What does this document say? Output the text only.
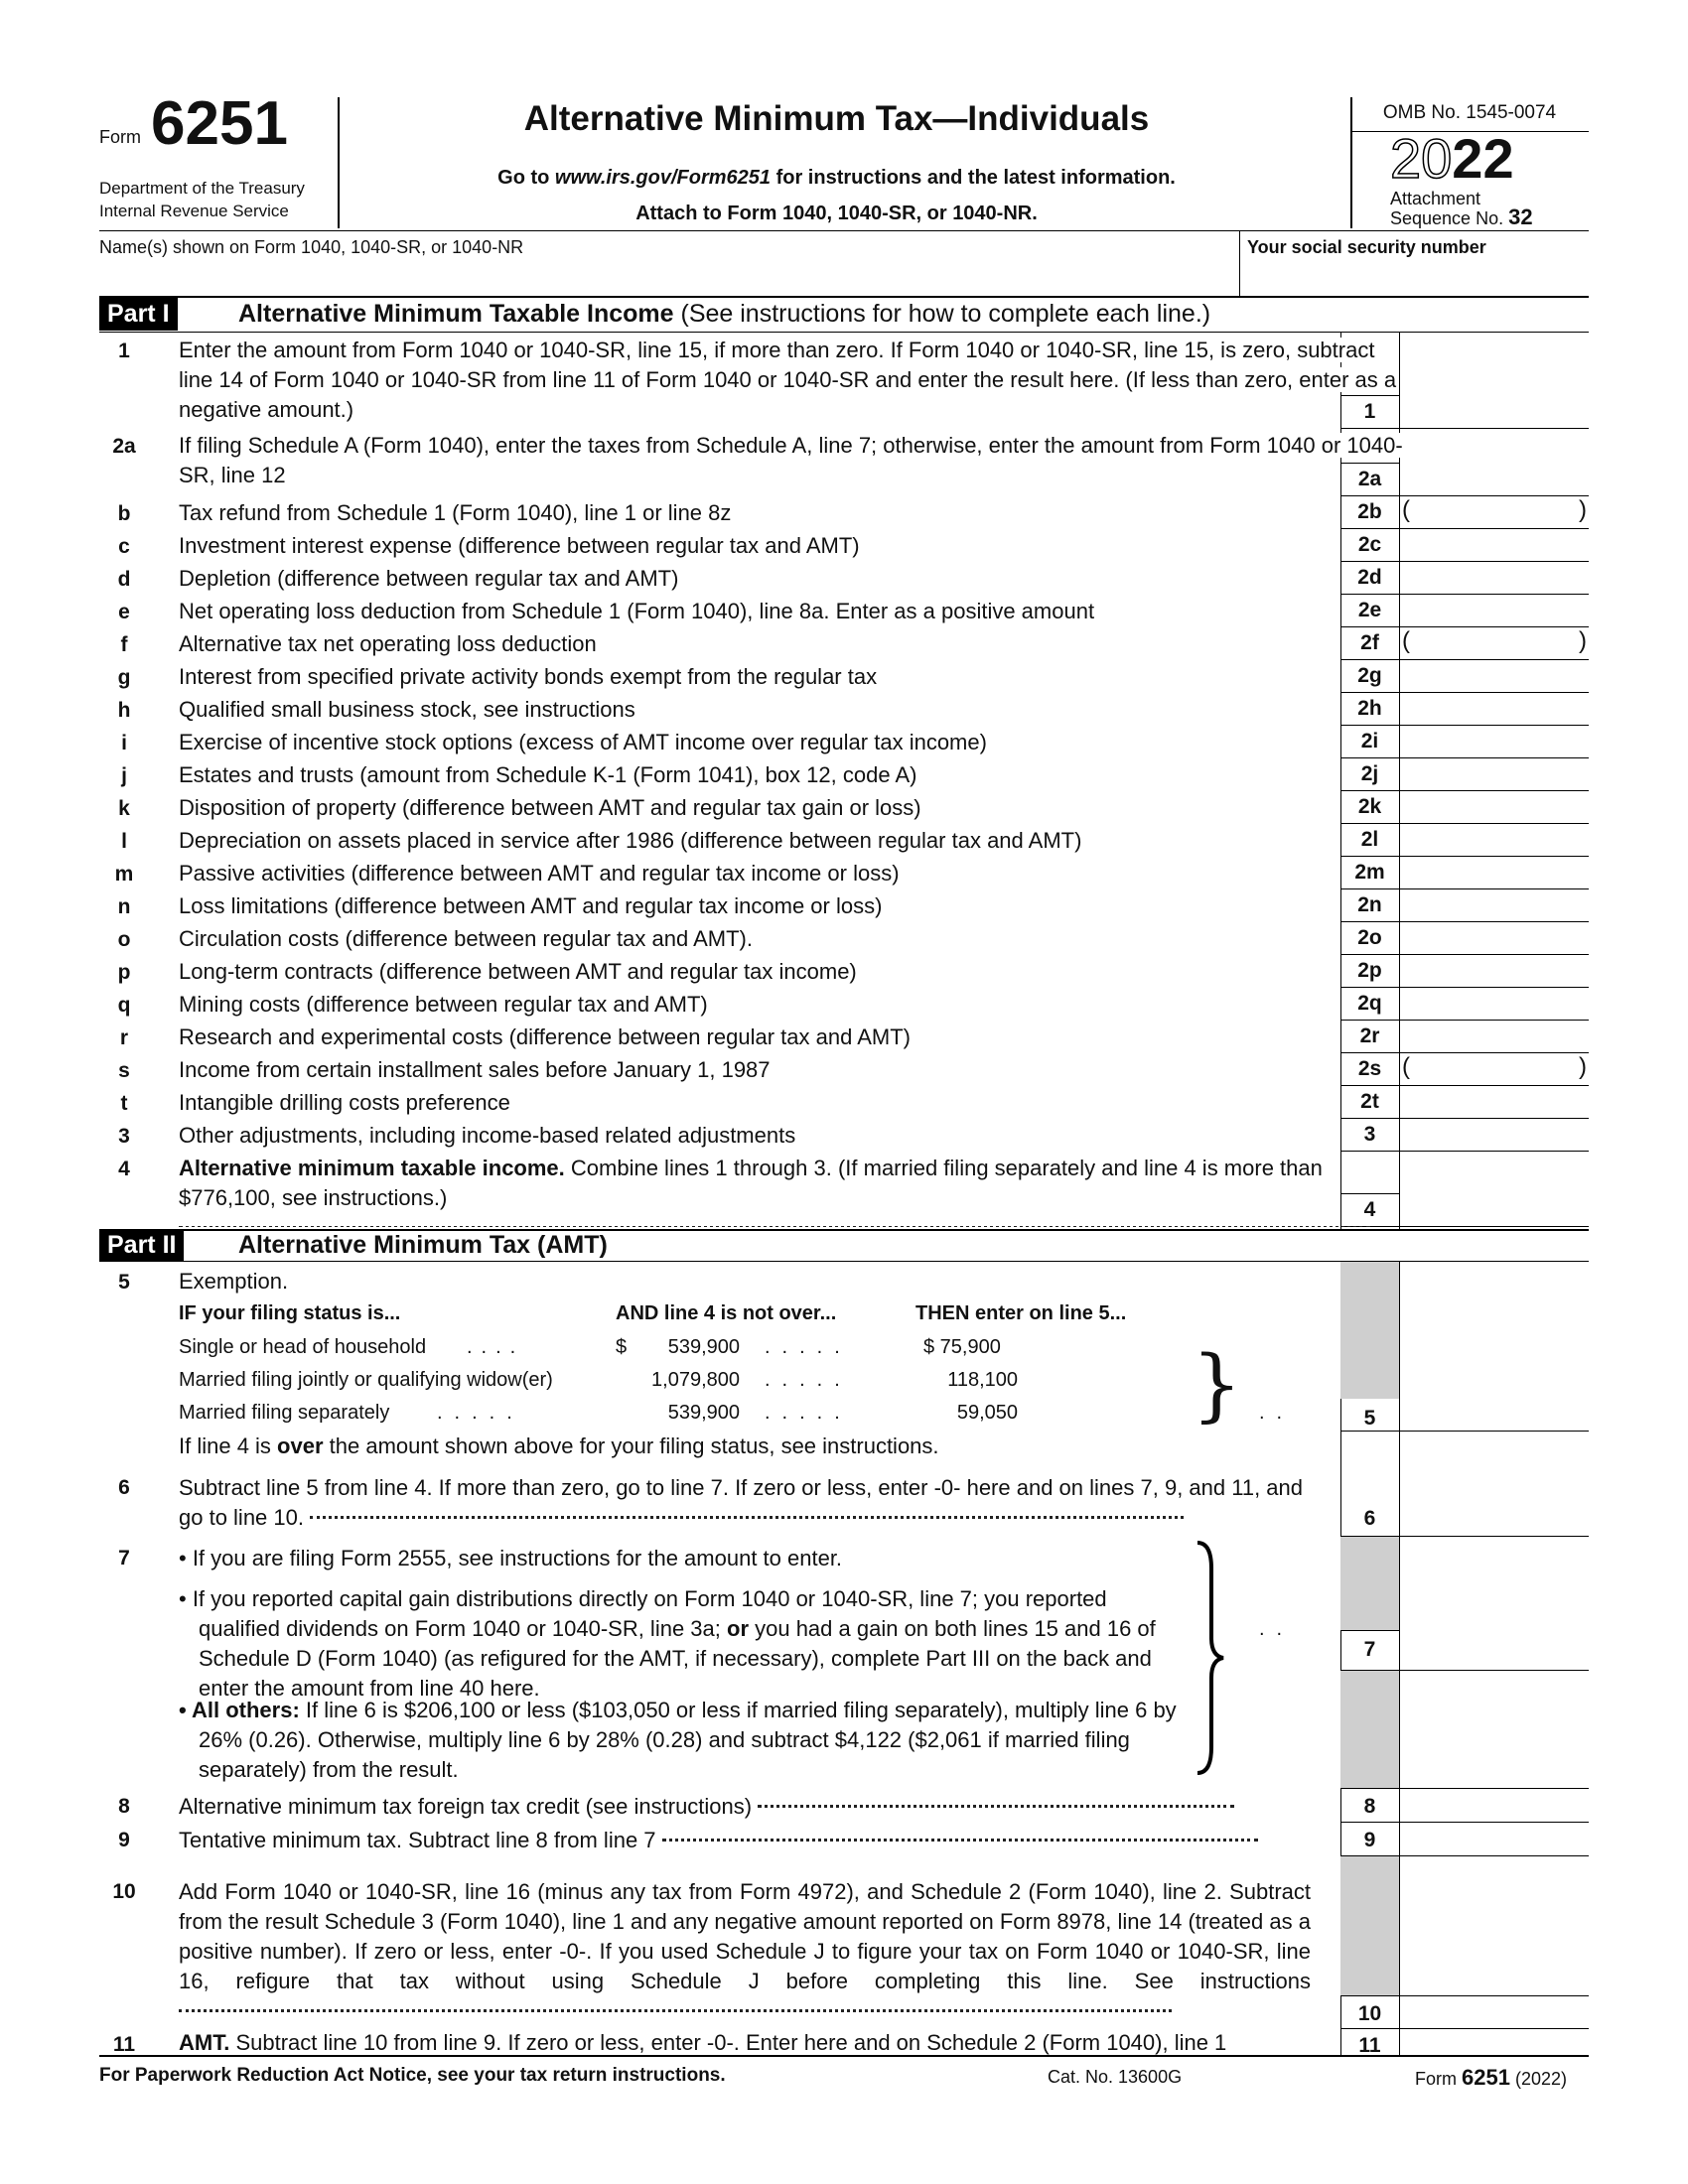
Form 6251
Department of the Treasury
Internal Revenue Service
Alternative Minimum Tax—Individuals
Go to www.irs.gov/Form6251 for instructions and the latest information.
Attach to Form 1040, 1040-SR, or 1040-NR.
OMB No. 1545-0074
2022
Attachment
Sequence No. 32
Name(s) shown on Form 1040, 1040-SR, or 1040-NR	Your social security number
Part I	Alternative Minimum Taxable Income (See instructions for how to complete each line.)
1	Enter the amount from Form 1040 or 1040-SR, line 15, if more than zero. If Form 1040 or 1040-SR, line 15, is zero, subtract line 14 of Form 1040 or 1040-SR from line 11 of Form 1040 or 1040-SR and enter the result here. (If less than zero, enter as a negative amount.)	1
2a	If filing Schedule A (Form 1040), enter the taxes from Schedule A, line 7; otherwise, enter the amount from Form 1040 or 1040-SR, line 12	2a
b	Tax refund from Schedule 1 (Form 1040), line 1 or line 8z	2b (	)
c	Investment interest expense (difference between regular tax and AMT)	2c
d	Depletion (difference between regular tax and AMT)	2d
e	Net operating loss deduction from Schedule 1 (Form 1040), line 8a. Enter as a positive amount	2e
f	Alternative tax net operating loss deduction	2f (	)
g	Interest from specified private activity bonds exempt from the regular tax	2g
h	Qualified small business stock, see instructions	2h
i	Exercise of incentive stock options (excess of AMT income over regular tax income)	2i
j	Estates and trusts (amount from Schedule K-1 (Form 1041), box 12, code A)	2j
k	Disposition of property (difference between AMT and regular tax gain or loss)	2k
l	Depreciation on assets placed in service after 1986 (difference between regular tax and AMT)	2l
m	Passive activities (difference between AMT and regular tax income or loss)	2m
n	Loss limitations (difference between AMT and regular tax income or loss)	2n
o	Circulation costs (difference between regular tax and AMT).	2o
p	Long-term contracts (difference between AMT and regular tax income)	2p
q	Mining costs (difference between regular tax and AMT)	2q
r	Research and experimental costs (difference between regular tax and AMT)	2r
s	Income from certain installment sales before January 1, 1987	2s (	)
t	Intangible drilling costs preference	2t
3	Other adjustments, including income-based related adjustments	3
4	Alternative minimum taxable income. Combine lines 1 through 3. (If married filing separately and line 4 is more than $776,100, see instructions.)	4
Part II	Alternative Minimum Tax (AMT)
5	Exemption.
IF your filing status is...	AND line 4 is not over...	THEN enter on line 5...
Single or head of household ....	$	539,900 .....	$ 75,900
Married filing jointly or qualifying widow(er)	1,079,800 .....	118,100
Married filing separately .....	539,900 .....	59,050 } ..
If line 4 is over the amount shown above for your filing status, see instructions.
5
6	Subtract line 5 from line 4. If more than zero, go to line 7. If zero or less, enter -0- here and on lines 7, 9, and 11, and go to line 10.	6
7	• If you are filing Form 2555, see instructions for the amount to enter.
• If you reported capital gain distributions directly on Form 1040 or 1040-SR, line 7; you reported qualified dividends on Form 1040 or 1040-SR, line 3a; or you had a gain on both lines 15 and 16 of Schedule D (Form 1040) (as refigured for the AMT, if necessary), complete Part III on the back and enter the amount from line 40 here.
• All others: If line 6 is $206,100 or less ($103,050 or less if married filing separately), multiply line 6 by 26% (0.26). Otherwise, multiply line 6 by 28% (0.28) and subtract $4,122 ($2,061 if married filing separately) from the result.
..
7
8	Alternative minimum tax foreign tax credit (see instructions)	8
9	Tentative minimum tax. Subtract line 8 from line 7	9
10	Add Form 1040 or 1040-SR, line 16 (minus any tax from Form 4972), and Schedule 2 (Form 1040), line 2. Subtract from the result Schedule 3 (Form 1040), line 1 and any negative amount reported on Form 8978, line 14 (treated as a positive number). If zero or less, enter -0-. If you used Schedule J to figure your tax on Form 1040 or 1040-SR, line 16, refigure that tax without using Schedule J before completing this line. See instructions
10
11	AMT. Subtract line 10 from line 9. If zero or less, enter -0-. Enter here and on Schedule 2 (Form 1040), line 1	11
For Paperwork Reduction Act Notice, see your tax return instructions.	Cat. No. 13600G	Form 6251 (2022)
